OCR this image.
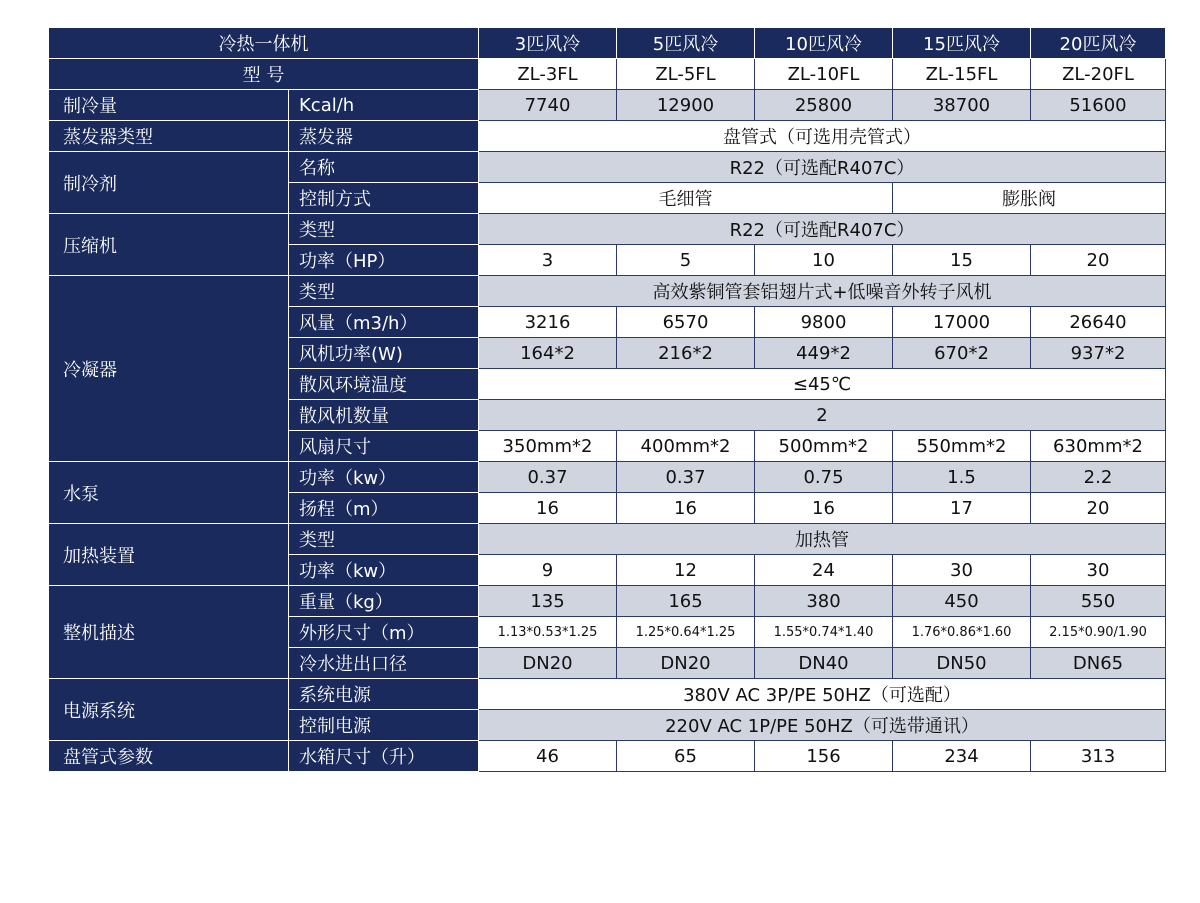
冷热一体机		3匹风冷	5匹风冷	10匹风冷	15匹风冷	20匹风冷
型 号		ZL-3FL	ZL-5FL	ZL-10FL	ZL-15FL	ZL-20FL
制冷量	Kcal/h	7740	12900	25800	38700	51600
蒸发器类型	蒸发器	盘管式（可选用壳管式）				
制冷剂	名称	R22（可选配R407C）				
	控制方式	毛细管			膨胀阀	
压缩机	类型	R22（可选配R407C）				
	功率（HP）	3	5	10	15	20
冷凝器	类型	高效紫铜管套铝翅片式+低噪音外转子风机				
	风量（m3/h）	3216	6570	9800	17000	26640
	风机功率(W)	164*2	216*2	449*2	670*2	937*2
	散风环境温度	≤45℃				
	散风机数量	2				
	风扇尺寸	350mm*2	400mm*2	500mm*2	550mm*2	630mm*2
水泵	功率（kw）	0.37	0.37	0.75	1.5	2.2
	扬程（m）	16	16	16	17	20
加热装置	类型	加热管				
	功率（kw）	9	12	24	30	30
整机描述	重量（kg）	135	165	380	450	550
	外形尺寸（m）	1.13*0.53*1.25	1.25*0.64*1.25	1.55*0.74*1.40	1.76*0.86*1.60	2.15*0.90/1.90
	冷水进出口径	DN20	DN20	DN40	DN50	DN65
电源系统	系统电源	380V AC 3P/PE 50HZ（可选配）				
	控制电源	220V AC 1P/PE 50HZ（可选带通讯）				
盘管式参数	水箱尺寸（升）	46	65	156	234	313
